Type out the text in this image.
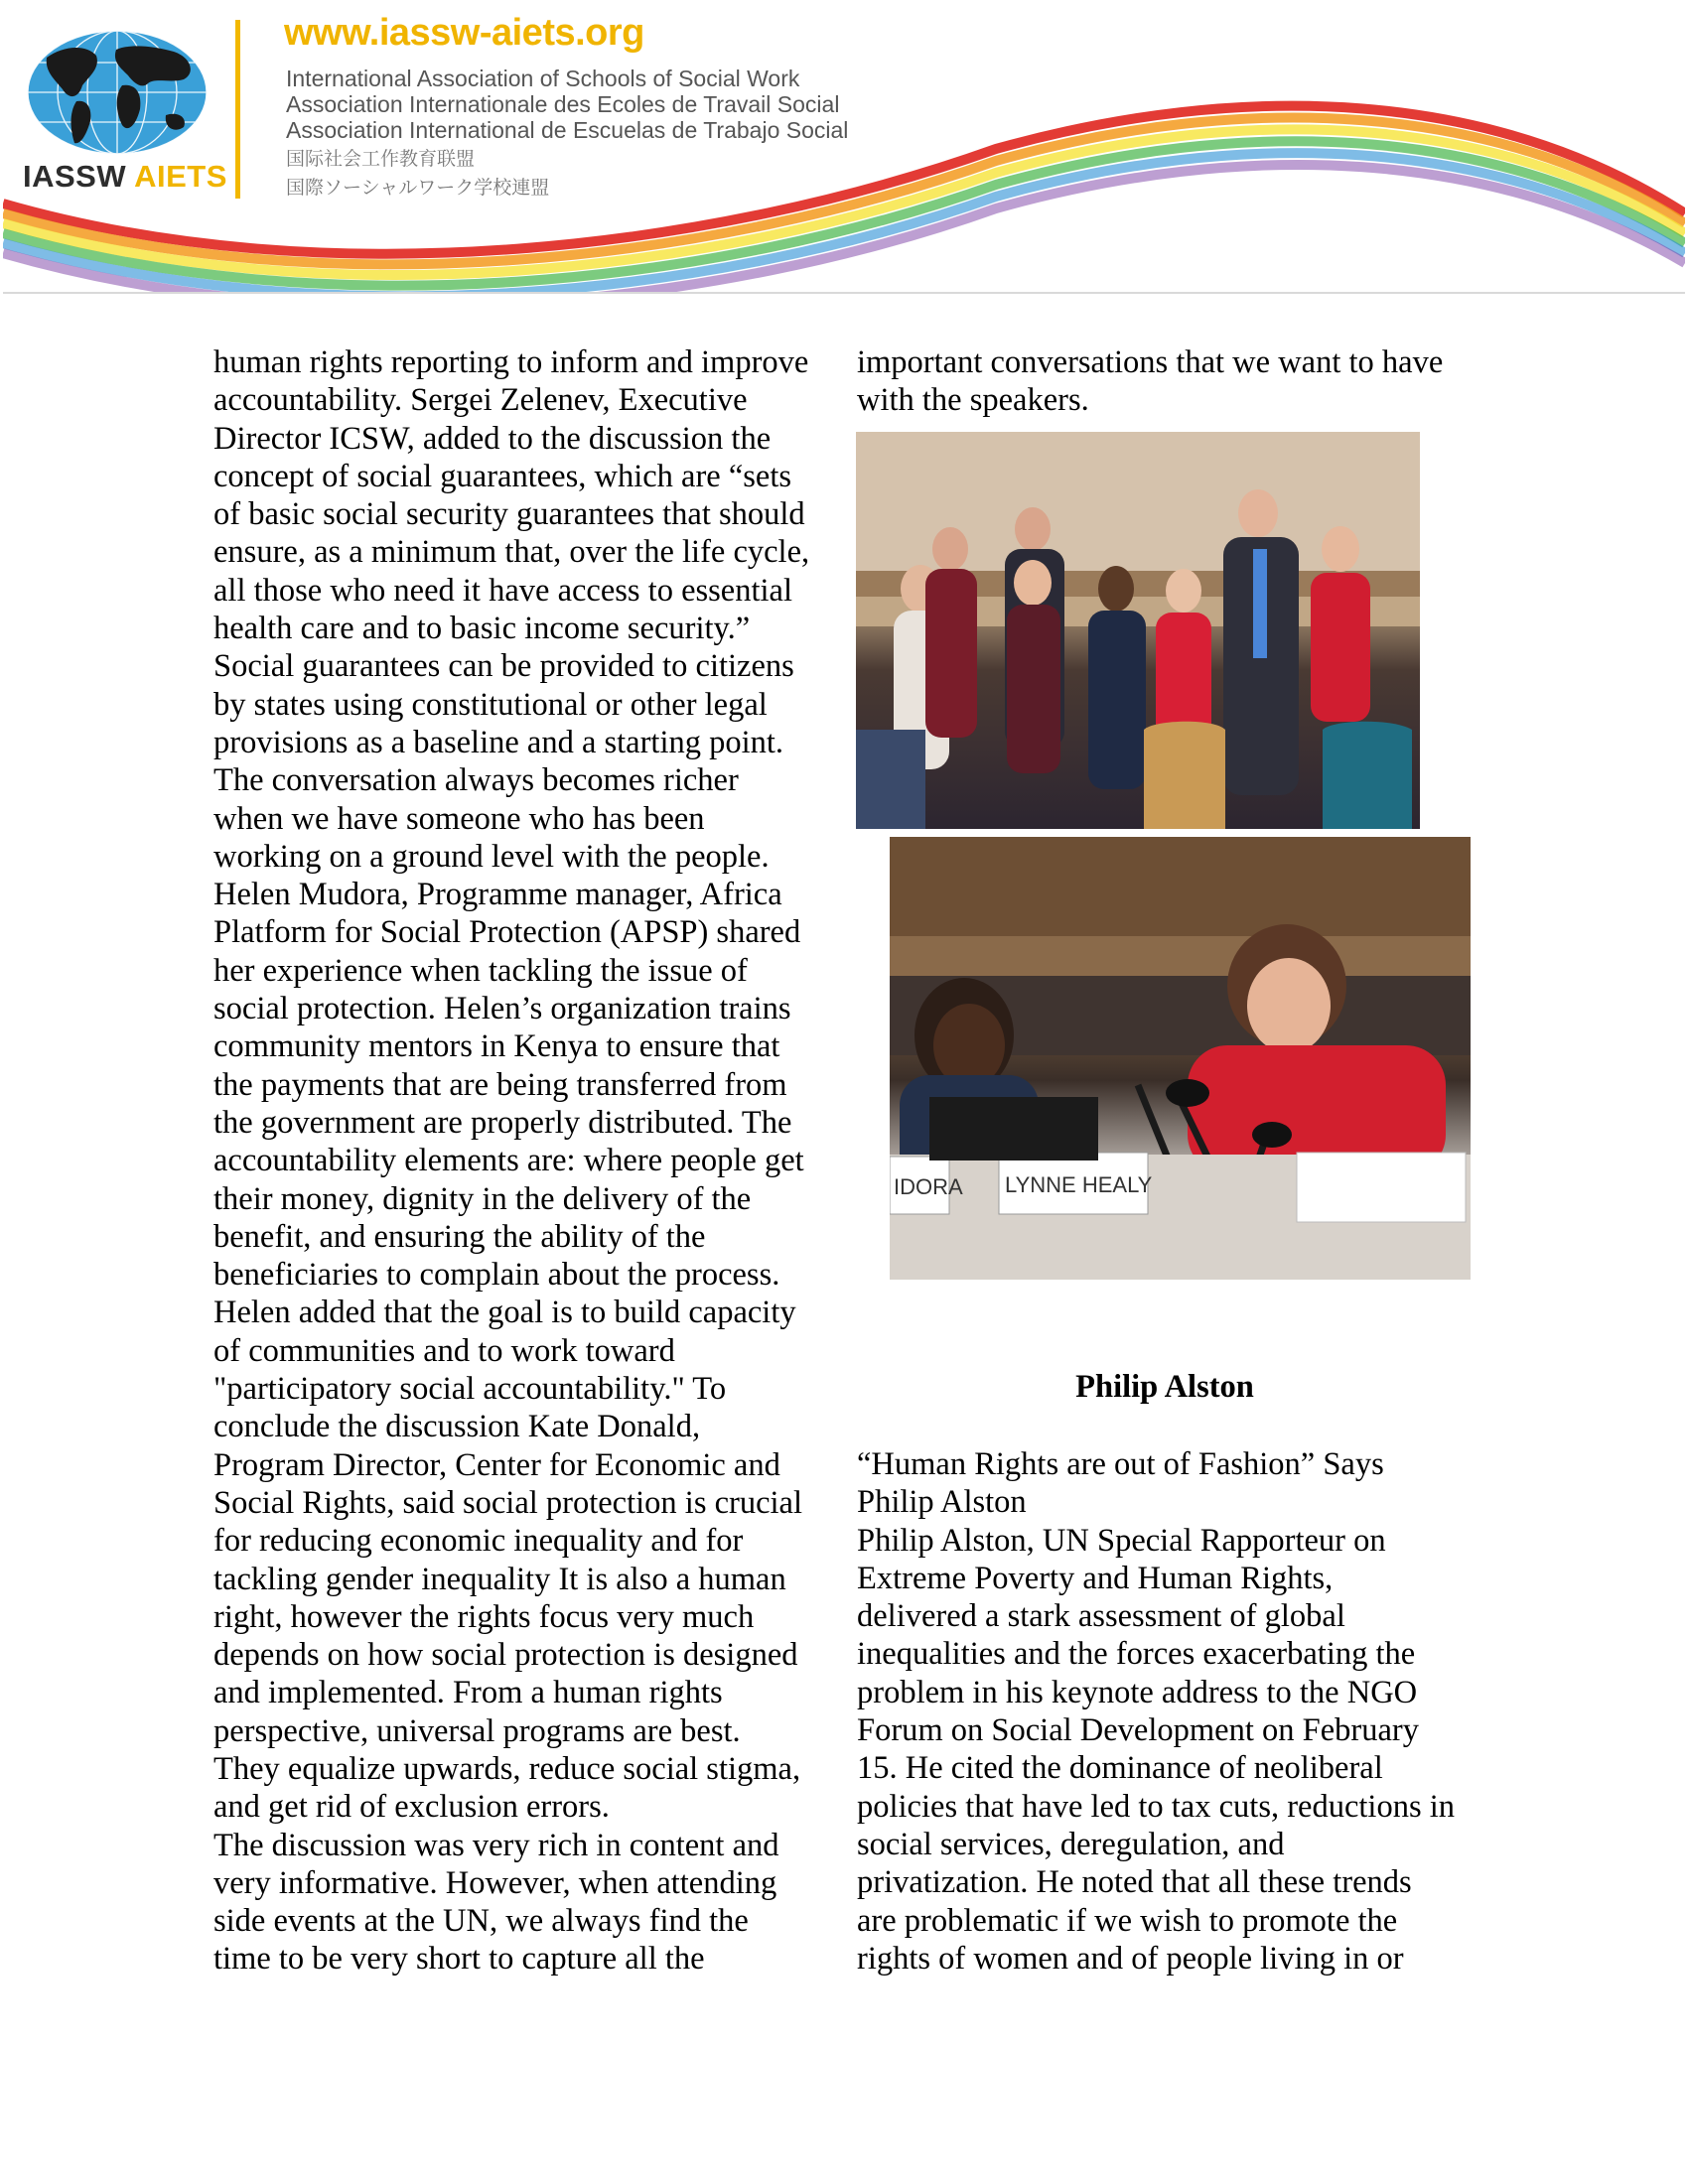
IASSW AIETS
www.iassw-aiets.org
International Association of Schools of Social Work
Association Internationale des Ecoles de Travail Social
Association International de Escuelas de Trabajo Social
国际社会工作教育联盟
国際ソーシャルワーク学校連盟
human rights reporting to inform and improve
accountability. Sergei Zelenev, Executive
Director ICSW, added to the discussion the
concept of social guarantees, which are “sets
of basic social security guarantees that should
ensure, as a minimum that, over the life cycle,
all those who need it have access to essential
health care and to basic income security.”
Social guarantees can be provided to citizens
by states using constitutional or other legal
provisions as a baseline and a starting point.
The conversation always becomes richer
when we have someone who has been
working on a ground level with the people.
Helen Mudora, Programme manager, Africa
Platform for Social Protection (APSP) shared
her experience when tackling the issue of
social protection. Helen’s organization trains
community mentors in Kenya to ensure that
the payments that are being transferred from
the government are properly distributed. The
accountability elements are: where people get
their money, dignity in the delivery of the
benefit, and ensuring the ability of the
beneficiaries to complain about the process.
Helen added that the goal is to build capacity
of communities and to work toward
"participatory social accountability." To
conclude the discussion Kate Donald,
Program Director, Center for Economic and
Social Rights, said social protection is crucial
for reducing economic inequality and for
tackling gender inequality It is also a human
right, however the rights focus very much
depends on how social protection is designed
and implemented. From a human rights
perspective, universal programs are best.
They equalize upwards, reduce social stigma,
and get rid of exclusion errors.
The discussion was very rich in content and
very informative. However, when attending
side events at the UN, we always find the
time to be very short to capture all the
important conversations that we want to have
with the speakers.
IDORA LYNNE HEALY
Philip Alston
“Human Rights are out of Fashion” Says
Philip Alston
Philip Alston, UN Special Rapporteur on
Extreme Poverty and Human Rights,
delivered a stark assessment of global
inequalities and the forces exacerbating the
problem in his keynote address to the NGO
Forum on Social Development on February
15. He cited the dominance of neoliberal
policies that have led to tax cuts, reductions in
social services, deregulation, and
privatization. He noted that all these trends
are problematic if we wish to promote the
rights of women and of people living in or
